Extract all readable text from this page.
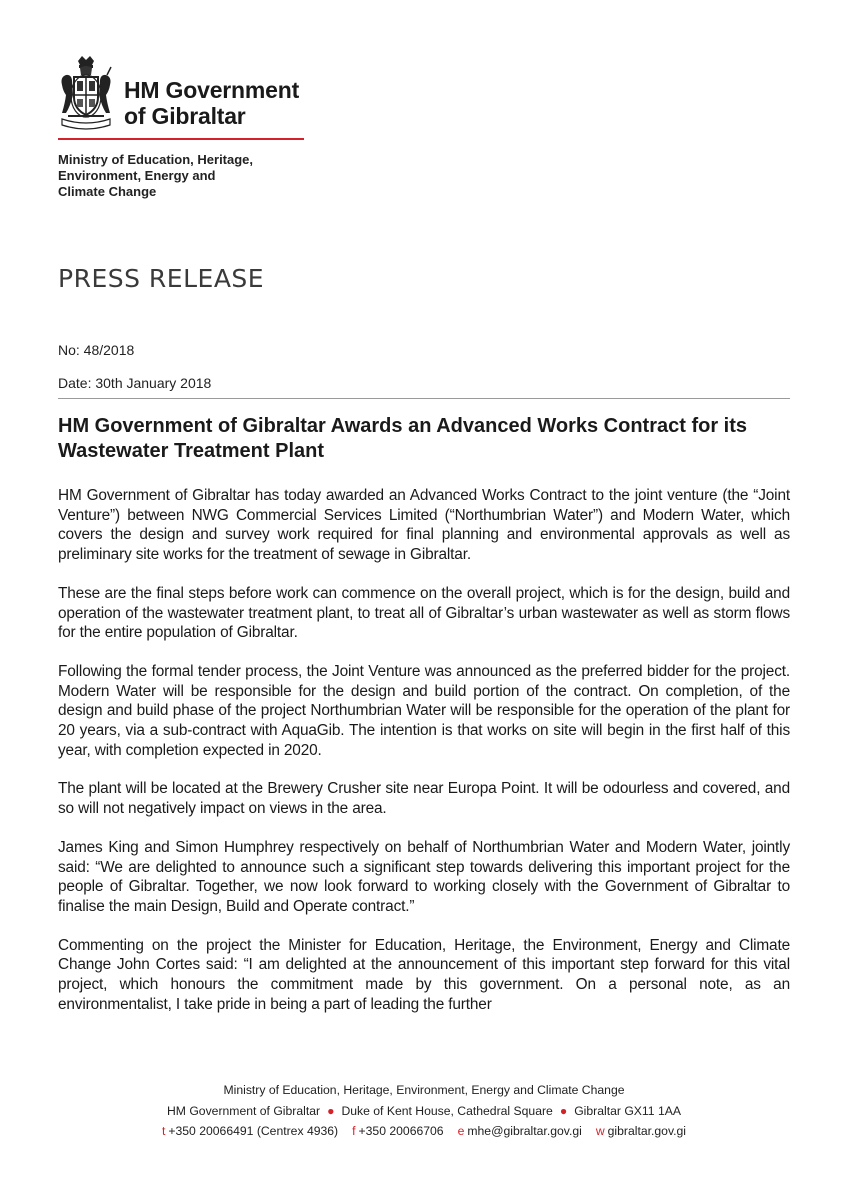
HM Government
of Gibraltar
Ministry of Education, Heritage,
Environment, Energy and
Climate Change
PRESS RELEASE
No: 48/2018
Date: 30th January 2018
HM Government of Gibraltar Awards an Advanced Works Contract for its Wastewater Treatment Plant

HM Government of Gibraltar has today awarded an Advanced Works Contract to the joint venture (the “Joint Venture”) between NWG Commercial Services Limited (“Northumbrian Water”) and Modern Water, which covers the design and survey work required for final planning and environmental approvals as well as preliminary site works for the treatment of sewage in Gibraltar.

These are the final steps before work can commence on the overall project, which is for the design, build and operation of the wastewater treatment plant, to treat all of Gibraltar’s urban wastewater as well as storm flows for the entire population of Gibraltar.

Following the formal tender process, the Joint Venture was announced as the preferred bidder for the project. Modern Water will be responsible for the design and build portion of the contract. On completion, of the design and build phase of the project Northumbrian Water will be responsible for the operation of the plant for 20 years, via a sub-contract with AquaGib. The intention is that works on site will begin in the first half of this year, with completion expected in 2020.

The plant will be located at the Brewery Crusher site near Europa Point. It will be odourless and covered, and so will not negatively impact on views in the area.

James King and Simon Humphrey respectively on behalf of Northumbrian Water and Modern Water, jointly said: “We are delighted to announce such a significant step towards delivering this important project for the people of Gibraltar. Together, we now look forward to working closely with the Government of Gibraltar to finalise the main Design, Build and Operate contract.”

Commenting on the project the Minister for Education, Heritage, the Environment, Energy and Climate Change John Cortes said: “I am delighted at the announcement of this important step forward for this vital project, which honours the commitment made by this government. On a personal note, as an environmentalist, I take pride in being a part of leading the further

Ministry of Education, Heritage, Environment, Energy and Climate Change
HM Government of Gibraltar ● Duke of Kent House, Cathedral Square ● Gibraltar GX11 1AA
t +350 20066491 (Centrex 4936) f +350 20066706 e mhe@gibraltar.gov.gi w gibraltar.gov.gi
